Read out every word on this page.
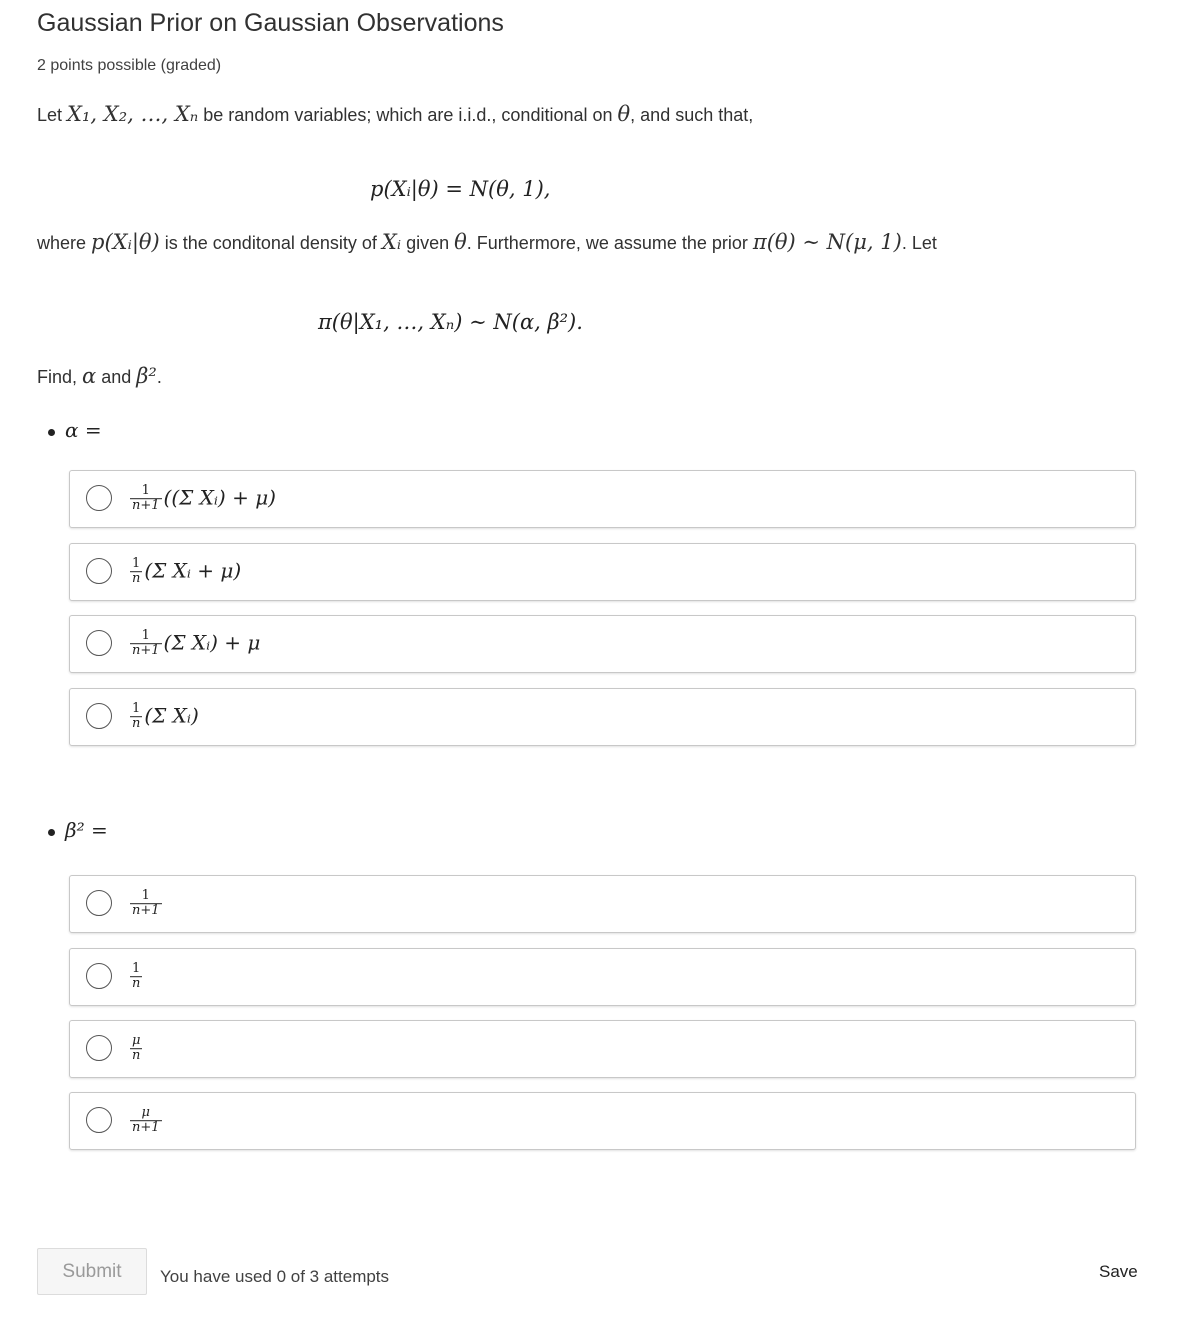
Gaussian Prior on Gaussian Observations
2 points possible (graded)
Let X₁, X₂, …, Xₙ be random variables; which are i.i.d., conditional on θ, and such that,
p(Xᵢ|θ) = N(θ, 1),
where p(Xᵢ|θ) is the conditonal density of Xᵢ given θ. Furthermore, we assume the prior π(θ) ∼ N(μ, 1). Let
π(θ|X₁, …, Xₙ) ∼ N(α, β²).
Find, α and β².
α =
$\frac{1}{n+1} ((\Sigma$ Xᵢ) + μ)
$\frac{1}{n} (\Sigma$ Xᵢ + μ)
$\frac{1}{n+1} (\Sigma$ Xᵢ) + μ
$\frac{1}{n} (\Sigma$ Xᵢ)
β² =
$\frac{1}{n+1}$
$\frac{1}{n}$
$\frac{\mu}{n}$
$\frac{\mu}{n+1}$
Submit	You have used 0 of 3 attempts	Save
